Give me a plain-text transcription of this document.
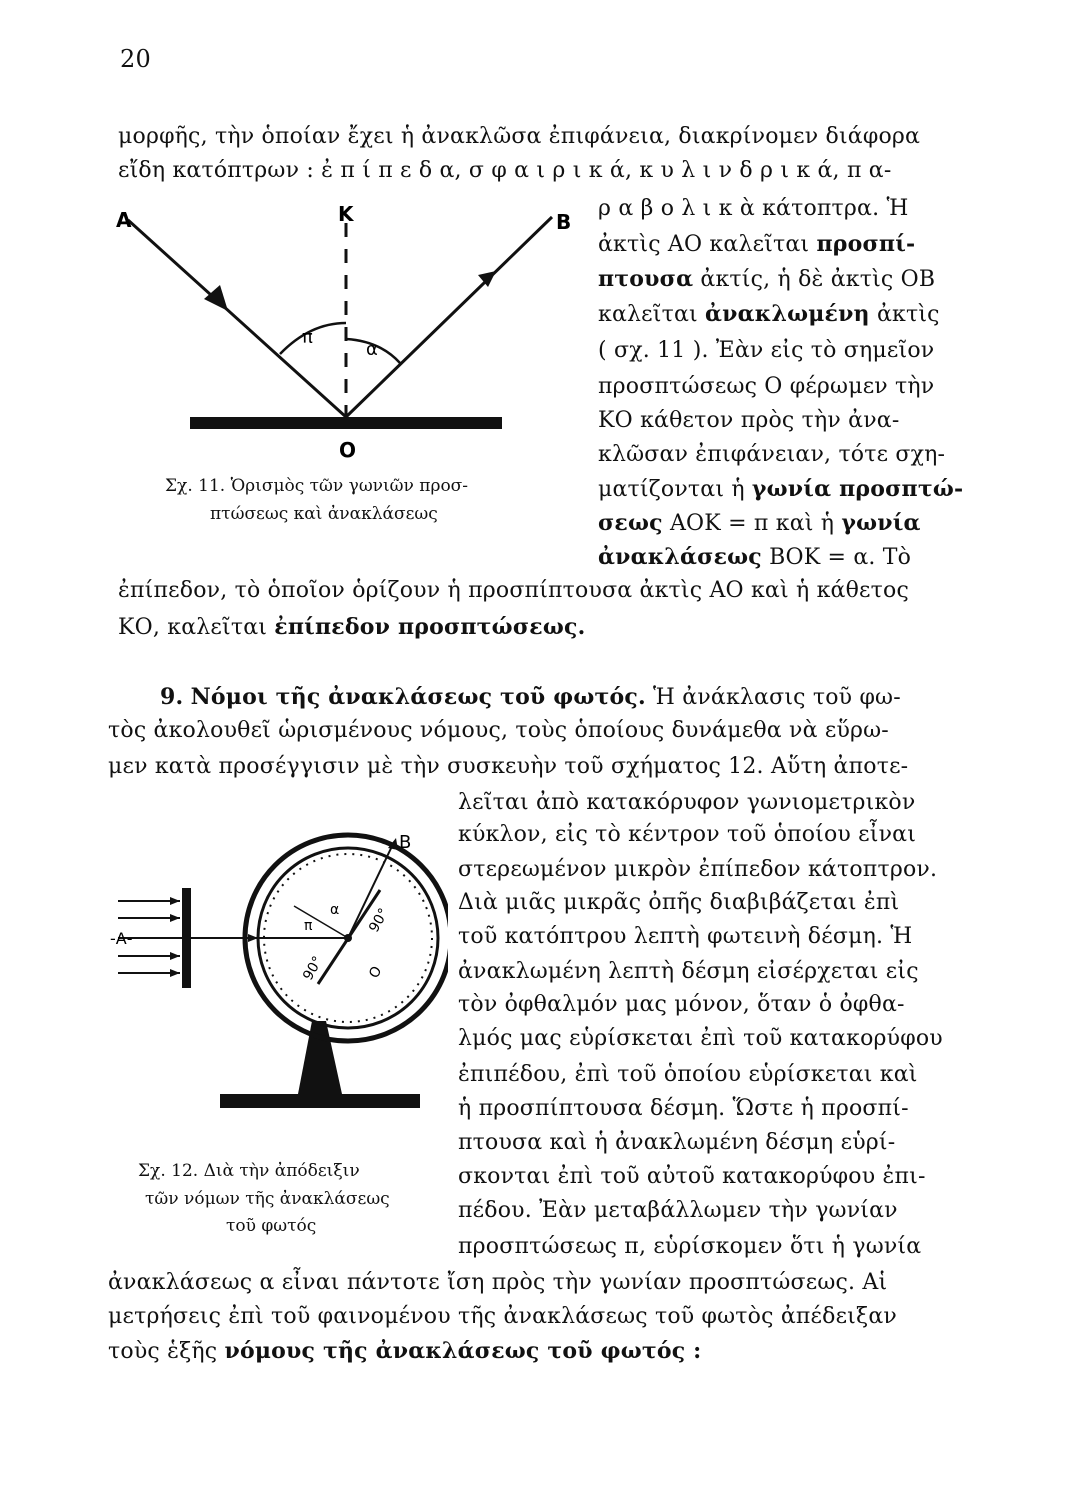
20
μορφῆς, τὴν ὁποίαν ἔχει ἡ ἀνακλῶσα ἐπιφάνεια, διακρίνομεν διάφορα
εἴδη κατόπτρων : ἐ π ί π ε δ α, σ φ α ι ρ ι κ ά, κ υ λ ι ν δ ρ ι κ ά, π α-
ρ α β ο λ ι κ ὰ κάτοπτρα. Ἡ
ἀκτὶς ΑΟ καλεῖται προσπί-
πτουσα ἀκτίς, ἡ δὲ ἀκτὶς ΟΒ
καλεῖται ἀνακλωμένη ἀκτὶς
( σχ. 11 ). Ἐὰν εἰς τὸ σημεῖον
προσπτώσεως Ο φέρωμεν τὴν
ΚΟ κάθετον πρὸς τὴν ἀνα-
κλῶσαν ἐπιφάνειαν, τότε σχη-
ματίζονται ἡ γωνία προσπτώ-
σεως ΑΟΚ = π καὶ ἡ γωνία
ἀνακλάσεως ΒΟΚ = α. Τὸ
ἐπίπεδον, τὸ ὁποῖον ὁρίζουν ἡ προσπίπτουσα ἀκτὶς ΑΟ καὶ ἡ κάθετος
ΚΟ, καλεῖται ἐπίπεδον προσπτώσεως.
Α	Κ	Β
Ο
π
α
Σχ. 11. Ὁρισμὸς τῶν γωνιῶν προσ-
πτώσεως καὶ ἀνακλάσεως
9. Νόμοι τῆς ἀνακλάσεως τοῦ φωτός. Ἡ ἀνάκλασις τοῦ φω-
τὸς ἀκολουθεῖ ὡρισμένους νόμους, τοὺς ὁποίους δυνάμεθα νὰ εὕρω-
μεν κατὰ προσέγγισιν μὲ τὴν συσκευὴν τοῦ σχήματος 12. Αὕτη ἀποτε-
λεῖται ἀπὸ κατακόρυφον γωνιομετρικὸν
κύκλον, εἰς τὸ κέντρον τοῦ ὁποίου εἶναι
στερεωμένον μικρὸν ἐπίπεδον κάτοπτρον.
Διὰ μιᾶς μικρᾶς ὀπῆς διαβιβάζεται ἐπὶ
τοῦ κατόπτρου λεπτὴ φωτεινὴ δέσμη. Ἡ
ἀνακλωμένη λεπτὴ δέσμη εἰσέρχεται εἰς
τὸν ὀφθαλμόν μας μόνον, ὅταν ὁ ὀφθα-
λμός μας εὑρίσκεται ἐπὶ τοῦ κατακορύφου
ἐπιπέδου, ἐπὶ τοῦ ὁποίου εὑρίσκεται καὶ
ἡ προσπίπτουσα δέσμη. Ὥστε ἡ προσπί-
πτουσα καὶ ἡ ἀνακλωμένη δέσμη εὑρί-
σκονται ἐπὶ τοῦ αὐτοῦ κατακορύφου ἐπι-
πέδου. Ἐὰν μεταβάλλωμεν τὴν γωνίαν
προσπτώσεως π, εὑρίσκομεν ὅτι ἡ γωνία
ἀνακλάσεως α εἶναι πάντοτε ἴση πρὸς τὴν γωνίαν προσπτώσεως. Αἱ
μετρήσεις ἐπὶ τοῦ φαινομένου τῆς ἀνακλάσεως τοῦ φωτὸς ἀπέδειξαν
τοὺς ἑξῆς νόμους τῆς ἀνακλάσεως τοῦ φωτός :
-Α-
Β
π
α 90°
90°	Ο
Σχ. 12. Διὰ τὴν ἀπόδειξιν
τῶν νόμων τῆς ἀνακλάσεως
τοῦ φωτός
